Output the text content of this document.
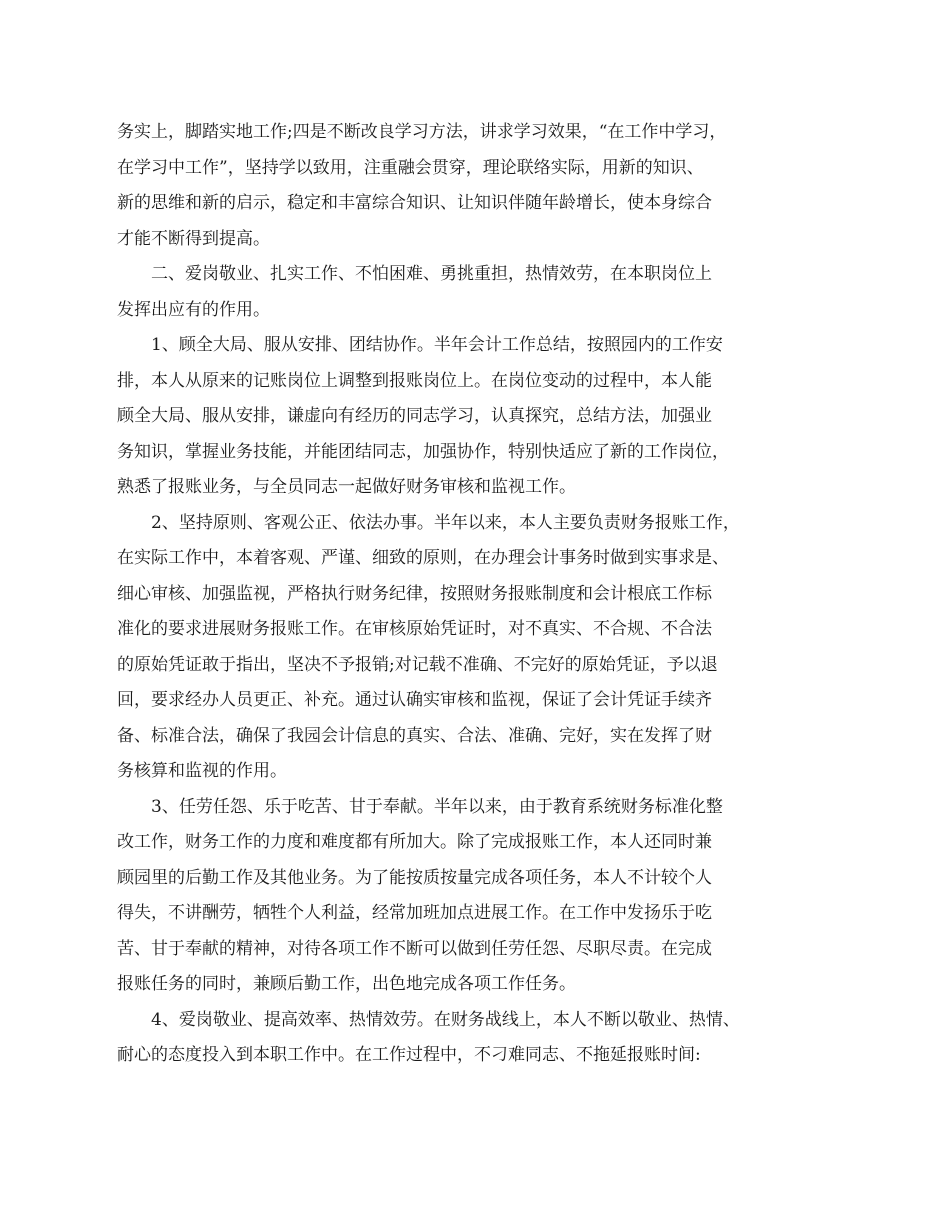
务实上，脚踏实地工作;四是不断改良学习方法，讲求学习效果，“在工作中学习，
在学习中工作”，坚持学以致用，注重融会贯穿，理论联络实际，用新的知识、
新的思维和新的启示，稳定和丰富综合知识、让知识伴随年龄增长，使本身综合
才能不断得到提高。
二、爱岗敬业、扎实工作、不怕困难、勇挑重担，热情效劳，在本职岗位上
发挥出应有的作用。
1、顾全大局、服从安排、团结协作。半年会计工作总结，按照园内的工作安
排，本人从原来的记账岗位上调整到报账岗位上。在岗位变动的过程中，本人能
顾全大局、服从安排，谦虚向有经历的同志学习，认真探究，总结方法，加强业
务知识，掌握业务技能，并能团结同志，加强协作，特别快适应了新的工作岗位，
熟悉了报账业务，与全员同志一起做好财务审核和监视工作。
2、坚持原则、客观公正、依法办事。半年以来，本人主要负责财务报账工作，
在实际工作中，本着客观、严谨、细致的原则，在办理会计事务时做到实事求是、
细心审核、加强监视，严格执行财务纪律，按照财务报账制度和会计根底工作标
准化的要求进展财务报账工作。在审核原始凭证时，对不真实、不合规、不合法
的原始凭证敢于指出，坚决不予报销;对记载不准确、不完好的原始凭证，予以退
回，要求经办人员更正、补充。通过认确实审核和监视，保证了会计凭证手续齐
备、标准合法，确保了我园会计信息的真实、合法、准确、完好，实在发挥了财
务核算和监视的作用。
3、任劳任怨、乐于吃苦、甘于奉献。半年以来，由于教育系统财务标准化整
改工作，财务工作的力度和难度都有所加大。除了完成报账工作，本人还同时兼
顾园里的后勤工作及其他业务。为了能按质按量完成各项任务，本人不计较个人
得失，不讲酬劳，牺牲个人利益，经常加班加点进展工作。在工作中发扬乐于吃
苦、甘于奉献的精神，对待各项工作不断可以做到任劳任怨、尽职尽责。在完成
报账任务的同时，兼顾后勤工作，出色地完成各项工作任务。
4、爱岗敬业、提高效率、热情效劳。在财务战线上，本人不断以敬业、热情、
耐心的态度投入到本职工作中。在工作过程中，不刁难同志、不拖延报账时间:
